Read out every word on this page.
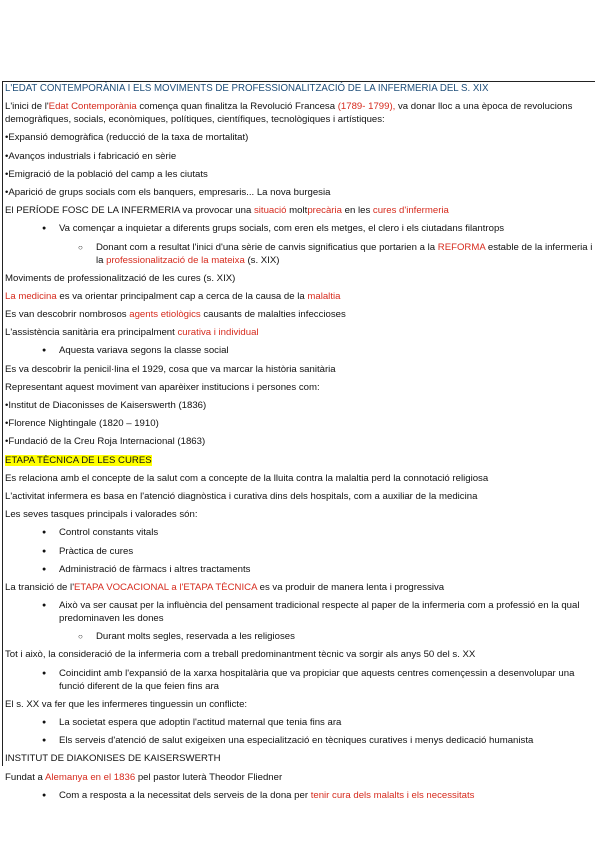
L'EDAT CONTEMPORÀNIA I ELS MOVIMENTS DE PROFESSIONALITZACIÓ DE LA INFERMERIA DEL S. XIX
L'inici de l'Edat Contemporània comença quan finalitza la Revolució Francesa (1789- 1799), va donar lloc a una època de revolucions demogràfiques, socials, econòmiques, polítiques, científiques, tecnològiques i artístiques:
• Expansió demogràfica (reducció de la taxa de mortalitat)
• Avanços industrials i fabricació en sèrie
• Emigració de la població del camp a les ciutats
• Aparició de grups socials com els banquers, empresaris... La nova burgesia
El PERÍODE FOSC DE LA INFERMERIA va provocar una situació moltprecària en les cures d'infermeria
● Va començar a inquietar a diferents grups socials, com eren els metges, el clero i els ciutadans filantrops
○ Donant com a resultat l'inici d'una sèrie de canvis significatius que portarien a la REFORMA estable de la infermeria i la professionalització de la mateixa (s. XIX)
Moviments de professionalització de les cures (s. XIX)
La medicina es va orientar principalment cap a cerca de la causa de la malaltia
Es van descobrir nombrosos agents etiològics causants de malalties infeccioses
L'assistència sanitària era principalment curativa i individual
● Aquesta variava segons la classe social
Es va descobrir la penicil·lina el 1929, cosa que va marcar la història sanitària
Representant aquest moviment van aparèixer institucions i persones com:
• Institut de Diaconisses de Kaiserswerth (1836)
• Florence Nightingale (1820 – 1910)
• Fundació de la Creu Roja Internacional (1863)
ETAPA TÈCNICA DE LES CURES
Es relaciona amb el concepte de la salut com a concepte de la lluita contra la malaltia perd la connotació religiosa
L'activitat infermera es basa en l'atenció diagnòstica i curativa dins dels hospitals, com a auxiliar de la medicina
Les seves tasques principals i valorades són:
● Control constants vitals
● Pràctica de cures
● Administració de fàrmacs i altres tractaments
La transició de l'ETAPA VOCACIONAL a l'ETAPA TÈCNICA es va produir de manera lenta i progressiva
● Això va ser causat per la influència del pensament tradicional respecte al paper de la infermeria com a professió en la qual predominaven les dones
○ Durant molts segles, reservada a les religioses
Tot i això, la consideració de la infermeria com a treball predominantment tècnic va sorgir als anys 50 del s. XX
● Coincidint amb l'expansió de la xarxa hospitalària que va propiciar que aquests centres començessin a desenvolupar una funció diferent de la que feien fins ara
El s. XX va fer que les infermeres tinguessin un conflicte:
● La societat espera que adoptin l'actitud maternal que tenia fins ara
● Els serveis d'atenció de salut exigeixen una especialització en tècniques curatives i menys dedicació humanista
INSTITUT DE DIAKONISES DE KAISERSWERTH
Fundat a Alemanya en el 1836 pel pastor luterà Theodor Fliedner
● Com a resposta a la necessitat dels serveis de la dona per tenir cura dels malalts i els necessitats
